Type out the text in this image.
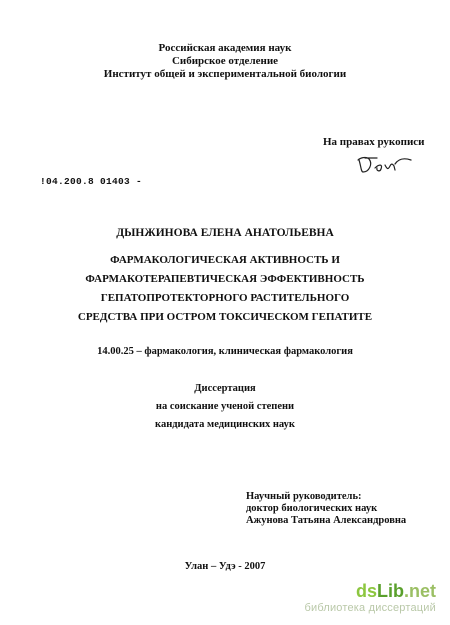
Российская академия наук
Сибирское отделение
Институт общей и экспериментальной биологии
На правах рукописи
!04.200.8 01403 -
ДЫНЖИНОВА ЕЛЕНА АНАТОЛЬЕВНА
ФАРМАКОЛОГИЧЕСКАЯ АКТИВНОСТЬ И
ФАРМАКОТЕРАПЕВТИЧЕСКАЯ ЭФФЕКТИВНОСТЬ
ГЕПАТОПРОТЕКТОРНОГО РАСТИТЕЛЬНОГО
СРЕДСТВА ПРИ ОСТРОМ ТОКСИЧЕСКОМ ГЕПАТИТЕ
14.00.25 – фармакология, клиническая фармакология
Диссертация
на соискание ученой степени
кандидата медицинских наук
Научный руководитель:
доктор биологических наук
Ажунова Татьяна Александровна
Улан – Удэ - 2007
dsLib.net
библиотека диссертаций
